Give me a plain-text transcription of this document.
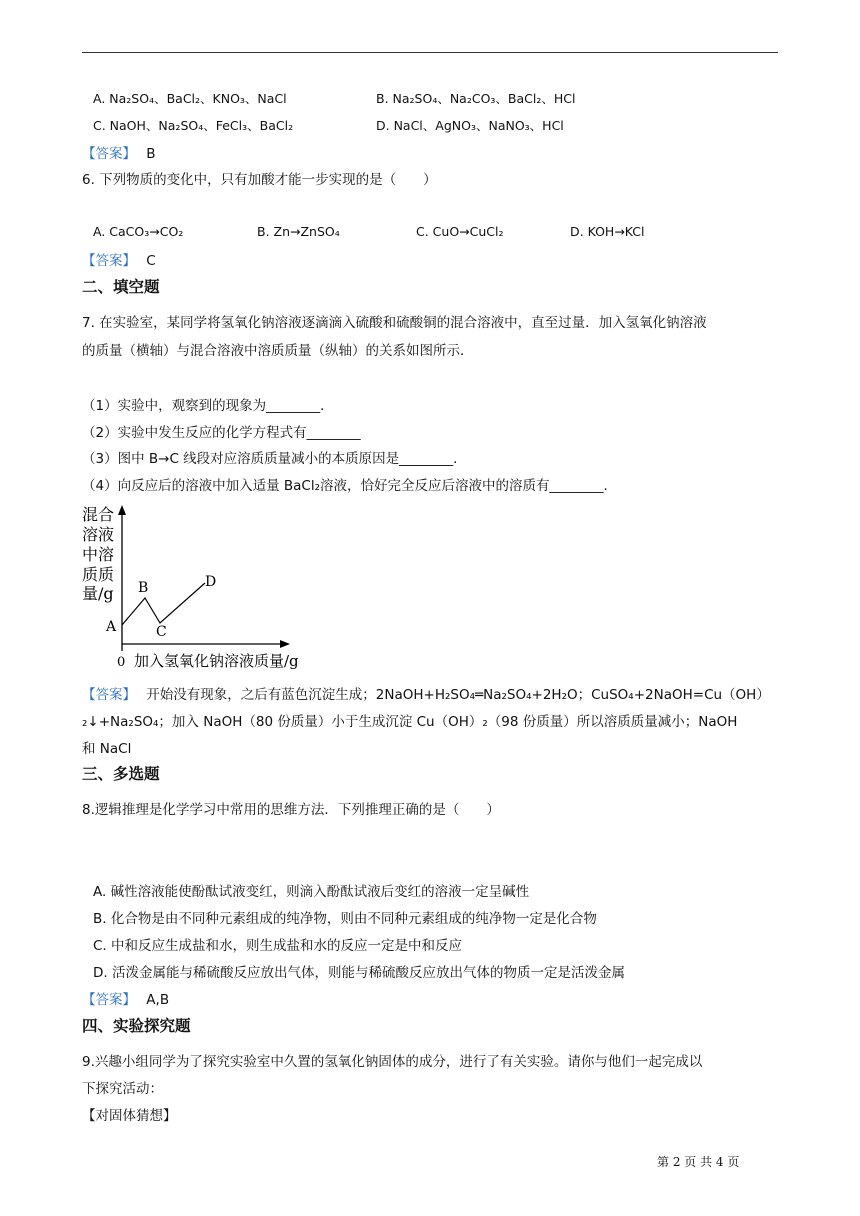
A. Na₂SO₄、BaCl₂、KNO₃、NaCl	B. Na₂SO₄、Na₂CO₃、BaCl₂、HCl
C. NaOH、Na₂SO₄、FeCl₃、BaCl₂	D. NaCl、AgNO₃、NaNO₃、HCl
【答案】 B
6. 下列物质的变化中，只有加酸才能一步实现的是（　　）
A. CaCO₃→CO₂	B. Zn→ZnSO₄	C. CuO→CuCl₂	D. KOH→KCl
【答案】 C
二、填空题
7. 在实验室，某同学将氢氧化钠溶液逐滴滴入硫酸和硫酸铜的混合溶液中，直至过量．加入氢氧化钠溶液
的质量（横轴）与混合溶液中溶质质量（纵轴）的关系如图所示．
（1）实验中，观察到的现象为________．
（2）实验中发生反应的化学方程式有________
（3）图中 B→C 线段对应溶质质量减小的本质原因是________．
（4）向反应后的溶液中加入适量 BaCl₂溶液，恰好完全反应后溶液中的溶质有________．
混合
溶液
中溶
质质
量/g
A
B
C
D
0 加入氢氧化钠溶液质量/g
【答案】 开始没有现象，之后有蓝色沉淀生成；2NaOH+H₂SO₄═Na₂SO₄+2H₂O；CuSO₄+2NaOH=Cu（OH）
₂↓+Na₂SO₄；加入 NaOH（80 份质量）小于生成沉淀 Cu（OH）₂（98 份质量）所以溶质质量减小；NaOH
和 NaCl
三、多选题
8.逻辑推理是化学学习中常用的思维方法．下列推理正确的是（　　）
A. 碱性溶液能使酚酞试液变红，则滴入酚酞试液后变红的溶液一定呈碱性
B. 化合物是由不同种元素组成的纯净物，则由不同种元素组成的纯净物一定是化合物
C. 中和反应生成盐和水，则生成盐和水的反应一定是中和反应
D. 活泼金属能与稀硫酸反应放出气体，则能与稀硫酸反应放出气体的物质一定是活泼金属
【答案】 A,B
四、实验探究题
9.兴趣小组同学为了探究实验室中久置的氢氧化钠固体的成分，进行了有关实验。请你与他们一起完成以
下探究活动：
【对固体猜想】
第 2 页 共 4 页
